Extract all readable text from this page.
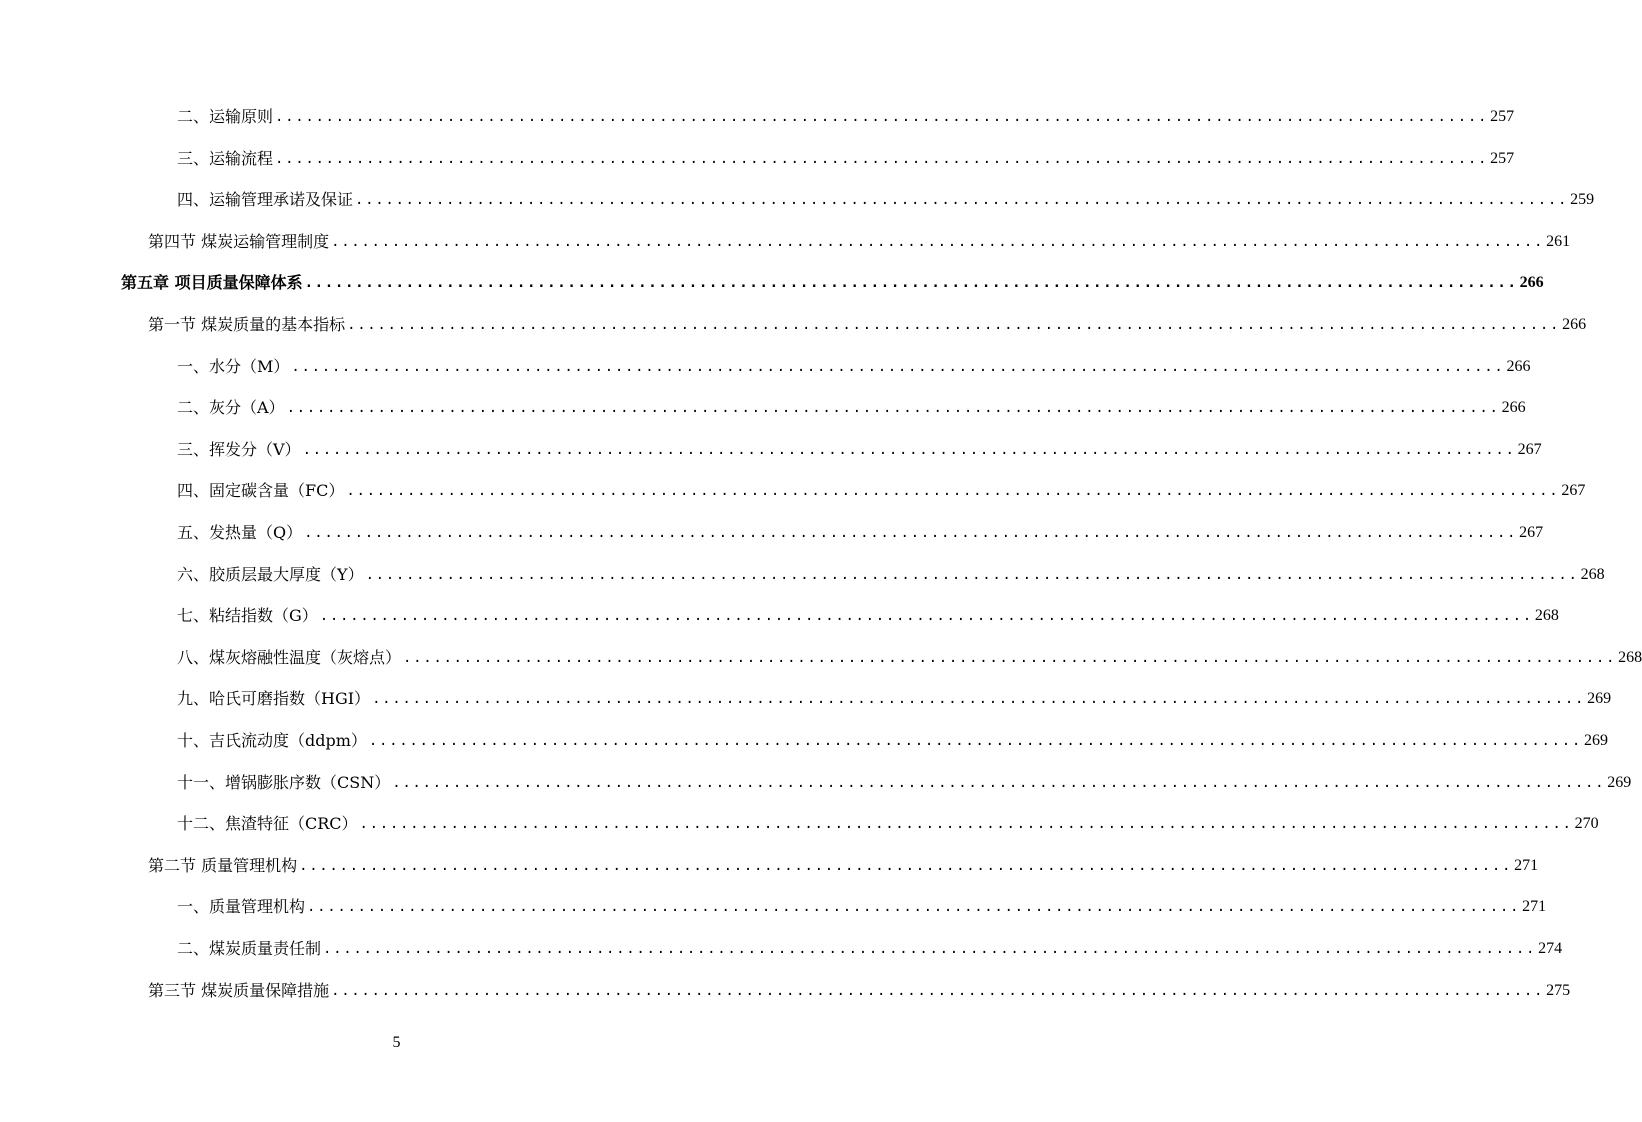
二、运输原则 ........................................................................................................................ 257
三、运输流程 ........................................................................................................................ 257
四、运输管理承诺及保证 ........................................................................................................................ 259
第四节 煤炭运输管理制度 ........................................................................................................................ 261
第五章 项目质量保障体系 ........................................................................................................................ 266
第一节 煤炭质量的基本指标 ........................................................................................................................ 266
一、水分（M） ........................................................................................................................ 266
二、灰分（A） ........................................................................................................................ 266
三、挥发分（V） ........................................................................................................................ 267
四、固定碳含量（FC） ........................................................................................................................ 267
五、发热量（Q） ........................................................................................................................ 267
六、胶质层最大厚度（Y） ........................................................................................................................ 268
七、粘结指数（G） ........................................................................................................................ 268
八、煤灰熔融性温度（灰熔点） ........................................................................................................................ 268
九、哈氏可磨指数（HGI） ........................................................................................................................ 269
十、吉氏流动度（ddpm） ........................................................................................................................ 269
十一、增锅膨胀序数（CSN） ........................................................................................................................ 269
十二、焦渣特征（CRC） ........................................................................................................................ 270
第二节 质量管理机构 ........................................................................................................................ 271
一、质量管理机构 ........................................................................................................................ 271
二、煤炭质量责任制 ........................................................................................................................ 274
第三节 煤炭质量保障措施 ........................................................................................................................ 275
5
